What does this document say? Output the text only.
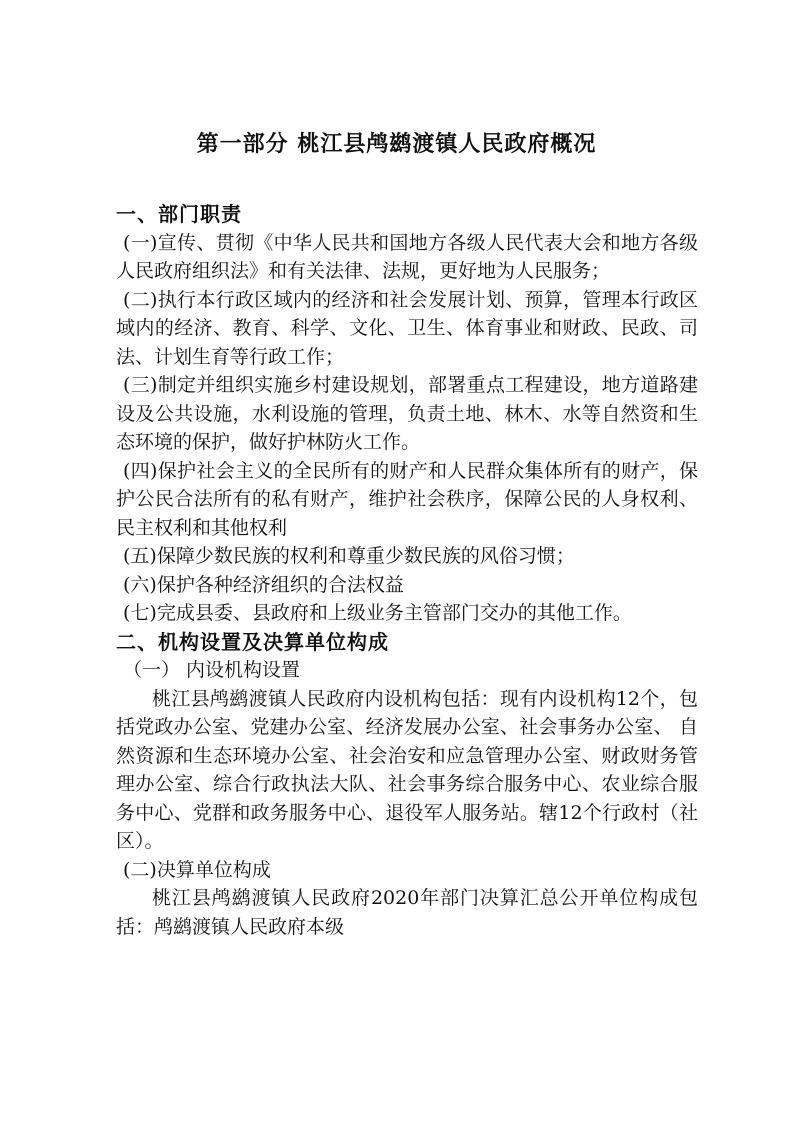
第一部分 桃江县鸬鹚渡镇人民政府概况

一、部门职责

(一)宣传、贯彻《中华人民共和国地方各级人民代表大会和地方各级人民政府组织法》和有关法律、法规，更好地为人民服务；

(二)执行本行政区域内的经济和社会发展计划、预算，管理本行政区域内的经济、教育、科学、文化、卫生、体育事业和财政、民政、司法、计划生育等行政工作；

(三)制定并组织实施乡村建设规划，部署重点工程建设，地方道路建设及公共设施，水利设施的管理，负责土地、林木、水等自然资和生态环境的保护，做好护林防火工作。

(四)保护社会主义的全民所有的财产和人民群众集体所有的财产，保护公民合法所有的私有财产，维护社会秩序，保障公民的人身权利、民主权利和其他权利

(五)保障少数民族的权利和尊重少数民族的风俗习惯；

(六)保护各种经济组织的合法权益

(七)完成县委、县政府和上级业务主管部门交办的其他工作。

二、机构设置及决算单位构成

（一） 内设机构设置

桃江县鸬鹚渡镇人民政府内设机构包括：现有内设机构12个，包括党政办公室、党建办公室、经济发展办公室、社会事务办公室、 自然资源和生态环境办公室、社会治安和应急管理办公室、财政财务管理办公室、综合行政执法大队、社会事务综合服务中心、农业综合服务中心、党群和政务服务中心、退役军人服务站。辖12个行政村（社区）。

(二)决算单位构成

桃江县鸬鹚渡镇人民政府2020年部门决算汇总公开单位构成包括：鸬鹚渡镇人民政府本级
